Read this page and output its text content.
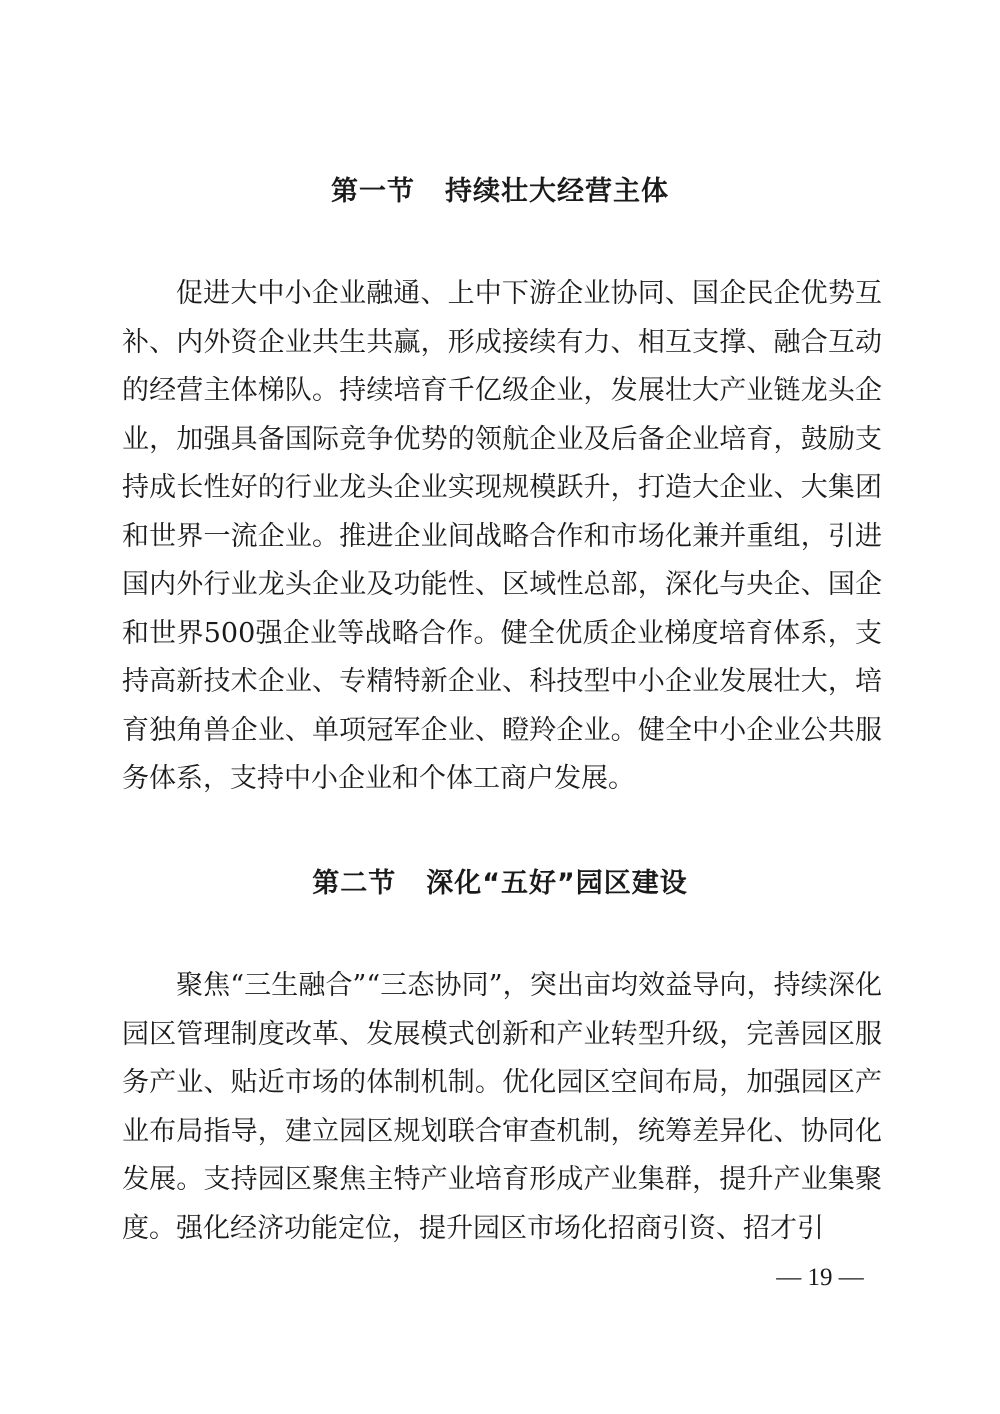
第一节 持续壮大经营主体

促进大中小企业融通、上中下游企业协同、国企民企优势互补、内外资企业共生共赢，形成接续有力、相互支撑、融合互动的经营主体梯队。持续培育千亿级企业，发展壮大产业链龙头企业，加强具备国际竞争优势的领航企业及后备企业培育，鼓励支持成长性好的行业龙头企业实现规模跃升，打造大企业、大集团和世界一流企业。推进企业间战略合作和市场化兼并重组，引进国内外行业龙头企业及功能性、区域性总部，深化与央企、国企和世界500强企业等战略合作。健全优质企业梯度培育体系，支持高新技术企业、专精特新企业、科技型中小企业发展壮大，培育独角兽企业、单项冠军企业、瞪羚企业。健全中小企业公共服务体系，支持中小企业和个体工商户发展。

第二节 深化“五好”园区建设

聚焦“三生融合”“三态协同”，突出亩均效益导向，持续深化园区管理制度改革、发展模式创新和产业转型升级，完善园区服务产业、贴近市场的体制机制。优化园区空间布局，加强园区产业布局指导，建立园区规划联合审查机制，统筹差异化、协同化发展。支持园区聚焦主特产业培育形成产业集群，提升产业集聚度。强化经济功能定位，提升园区市场化招商引资、招才引

— 19 —
